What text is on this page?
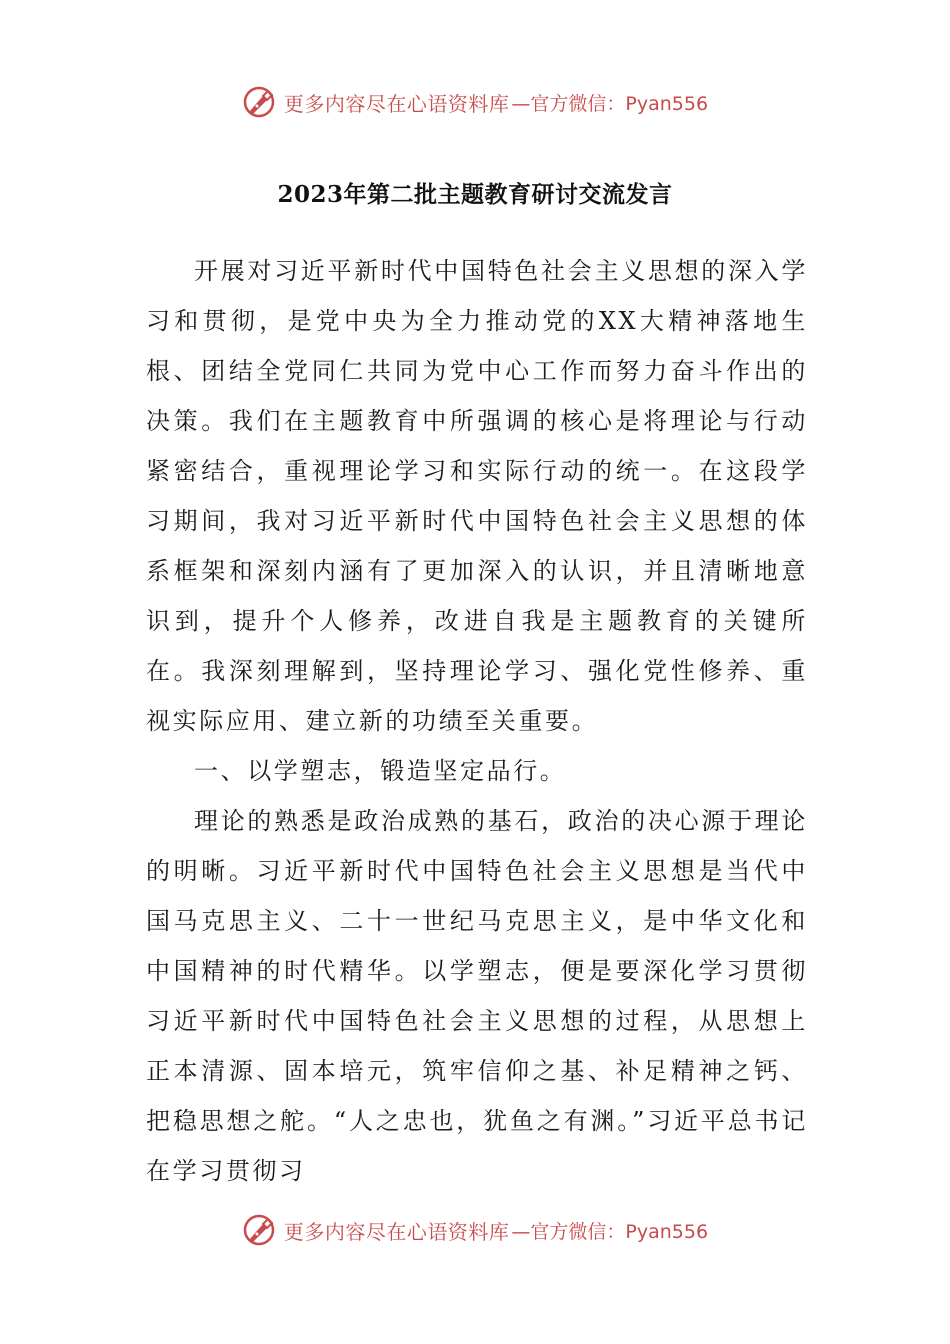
更多内容尽在心语资料库 —官方微信：Pyan556
2023年第二批主题教育研讨交流发言

开展对习近平新时代中国特色社会主义思想的深入学习和贯彻，是党中央为全力推动党的XX大精神落地生根、团结全党同仁共同为党中心工作而努力奋斗作出的决策。我们在主题教育中所强调的核心是将理论与行动紧密结合，重视理论学习和实际行动的统一。在这段学习期间，我对习近平新时代中国特色社会主义思想的体系框架和深刻内涵有了更加深入的认识，并且清晰地意识到，提升个人修养，改进自我是主题教育的关键所在。我深刻理解到，坚持理论学习、强化党性修养、重视实际应用、建立新的功绩至关重要。

一、以学塑志，锻造坚定品行。

理论的熟悉是政治成熟的基石，政治的决心源于理论的明晰。习近平新时代中国特色社会主义思想是当代中国马克思主义、二十一世纪马克思主义，是中华文化和中国精神的时代精华。以学塑志，便是要深化学习贯彻习近平新时代中国特色社会主义思想的过程，从思想上正本清源、固本培元，筑牢信仰之基、补足精神之钙、把稳思想之舵。“人之忠也，犹鱼之有渊。”习近平总书记在学习贯彻习

更多内容尽在心语资料库 —官方微信：Pyan556
